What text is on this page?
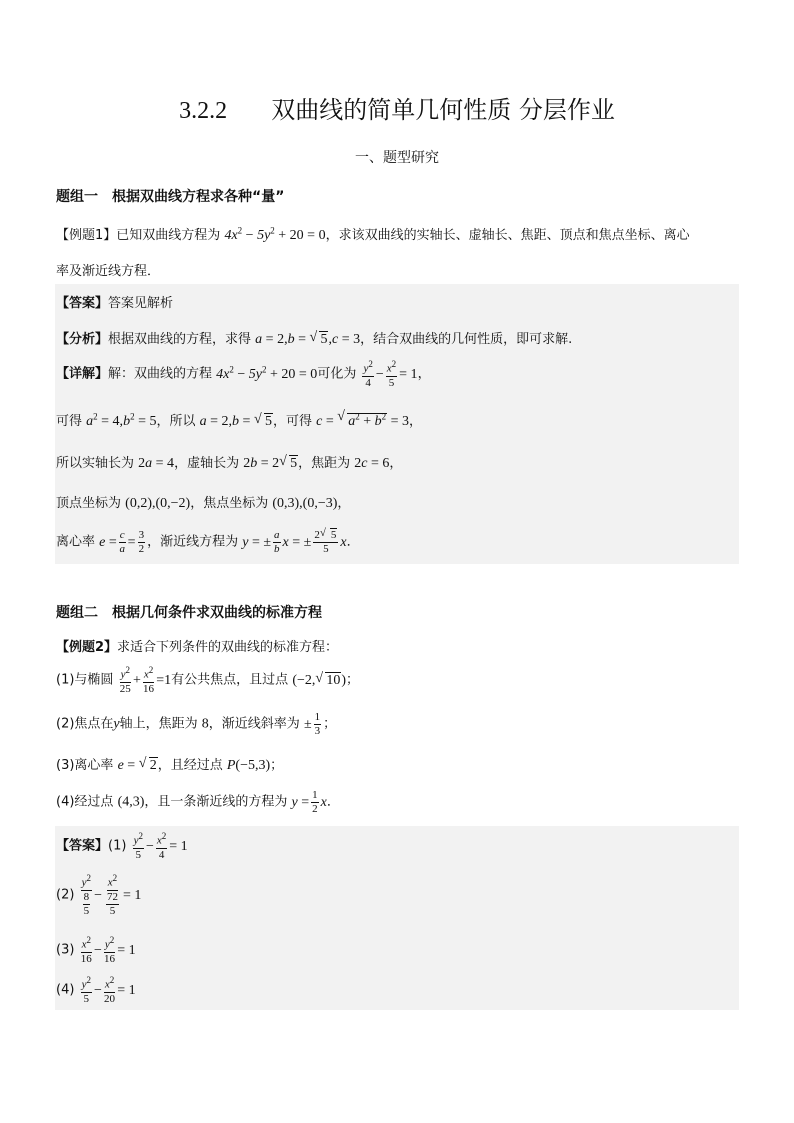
3.2.2 双曲线的简单几何性质 分层作业
一、题型研究
题组一　根据双曲线方程求各种“量”
【例题1】已知双曲线方程为 $4x^2 - 5y^2 + 20 = 0$，求该双曲线的实轴长、虚轴长、焦距、顶点和焦点坐标、离心
率及渐近线方程．
【答案】答案见解析
【分析】根据双曲线的方程，求得 a = 2,b = √ 5,c = 3，结合双曲线的几何性质，即可求解.
【详解】解：双曲线的方程 $4x^2 - 5y^2 + 20 = 0$可化为 $\frac{y^2}{4} - \frac{x^2}{5} = 1$，
可得 $a^2 = 4,b^2 = 5$，所以 a = 2,b = √ 5，可得 c = √ $a^2 + b^2 = 3$，
所以实轴长为 2a = 4，虚轴长为 2b = 2 √ 5，焦距为 2c = 6，
顶点坐标为 (0,2),(0,−2)，焦点坐标为 (0,3),(0,−3)，
离心率 $e = \frac{c}{a} = \frac{3}{2}$ ，渐近线方程为 y = ± $\frac{a}{b}$ x = ± $\frac{2 √ 5}{5}$ x．
题组二　根据几何条件求双曲线的标准方程
【例题2】求适合下列条件的双曲线的标准方程：
(1)与椭圆 $\frac{y^2}{25} + \frac{x^2}{16} =1$有公共焦点，且过点 (−2, √ 10)；
(2)焦点在y轴上，焦距为 8，渐近线斜率为 ± $\frac{1}{3}$ ；
(3)离心率 e = √ 2，且经过点 P(−5,3)；
(4)经过点 (4,3)，且一条渐近线的方程为 $y = \frac{1}{2}$ x．
【答案】$(1) \frac{y^2}{5} - \frac{x^2}{4} = 1$
$(2) \frac{y^2}{\frac{8}{5}} - \frac{x^2}{\frac{72}{5}} = 1$
$(3) \frac{x^2}{16} - \frac{y^2}{16} = 1$
$(4) \frac{y^2}{5} - \frac{x^2}{20} = 1$
